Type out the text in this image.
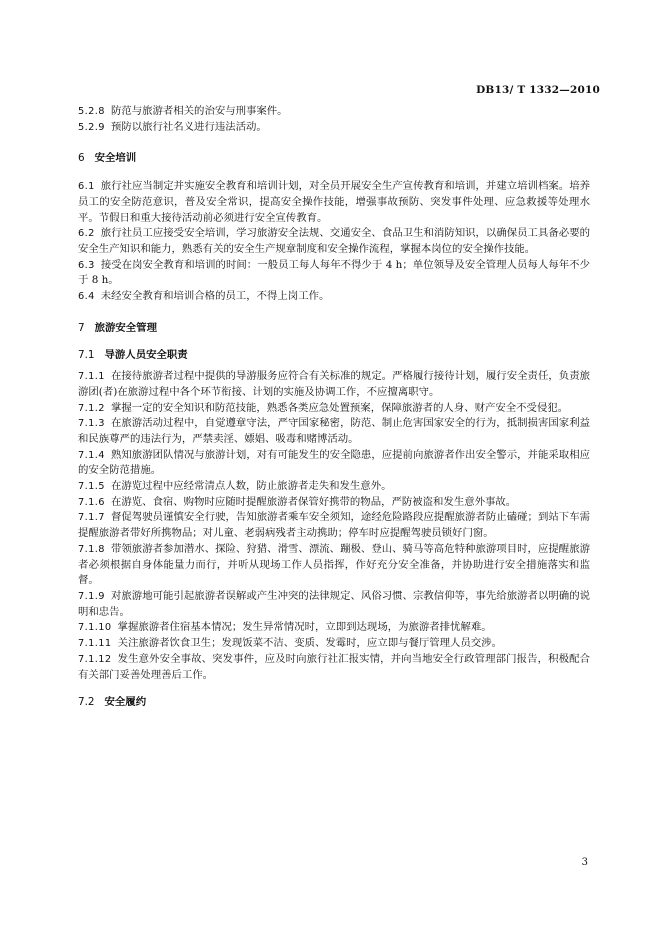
DB13/ T 1332—2010

5.2.8 防范与旅游者相关的治安与刑事案件。

5.2.9 预防以旅行社名义进行违法活动。

6 安全培训

6.1 旅行社应当制定并实施安全教育和培训计划，对全员开展安全生产宣传教育和培训，并建立培训档案。培养员工的安全防范意识，普及安全常识，提高安全操作技能，增强事故预防、突发事件处理、应急救援等处理水平。节假日和重大接待活动前必须进行安全宣传教育。

6.2 旅行社员工应接受安全培训，学习旅游安全法规、交通安全、食品卫生和消防知识，以确保员工具备必要的安全生产知识和能力，熟悉有关的安全生产规章制度和安全操作流程，掌握本岗位的安全操作技能。

6.3 接受在岗安全教育和培训的时间：一般员工每人每年不得少于 4 h；单位领导及安全管理人员每人每年不少于 8 h。

6.4 未经安全教育和培训合格的员工，不得上岗工作。

7 旅游安全管理

7.1 导游人员安全职责

7.1.1 在接待旅游者过程中提供的导游服务应符合有关标准的规定。严格履行接待计划，履行安全责任，负责旅游团(者)在旅游过程中各个环节衔接、计划的实施及协调工作，不应擅离职守。

7.1.2 掌握一定的安全知识和防范技能，熟悉各类应急处置预案，保障旅游者的人身、财产安全不受侵犯。

7.1.3 在旅游活动过程中，自觉遵章守法，严守国家秘密，防范、制止危害国家安全的行为，抵制损害国家利益和民族尊严的违法行为，严禁卖淫、嫖娼、吸毒和赌博活动。

7.1.4 熟知旅游团队情况与旅游计划，对有可能发生的安全隐患，应提前向旅游者作出安全警示，并能采取相应的安全防范措施。

7.1.5 在游览过程中应经常清点人数，防止旅游者走失和发生意外。

7.1.6 在游览、食宿、购物时应随时提醒旅游者保管好携带的物品，严防被盗和发生意外事故。

7.1.7 督促驾驶员谨慎安全行驶，告知旅游者乘车安全须知，途经危险路段应提醒旅游者防止磕碰；到站下车需提醒旅游者带好所携物品；对儿童、老弱病残者主动携助；停车时应提醒驾驶员锁好门窗。

7.1.8 带领旅游者参加潜水、探险、狩猎、滑雪、漂流、蹦极、登山、骑马等高危特种旅游项目时，应提醒旅游者必须根据自身体能量力而行，并听从现场工作人员指挥，作好充分安全准备，并协助进行安全措施落实和监督。

7.1.9 对旅游地可能引起旅游者误解或产生冲突的法律规定、风俗习惯、宗教信仰等，事先给旅游者以明确的说明和忠告。

7.1.10 掌握旅游者住宿基本情况；发生异常情况时，立即到达现场，为旅游者排忧解难。

7.1.11 关注旅游者饮食卫生；发现饭菜不洁、变质、发霉时，应立即与餐厅管理人员交涉。

7.1.12 发生意外安全事故、突发事件，应及时向旅行社汇报实情，并向当地安全行政管理部门报告，积极配合有关部门妥善处理善后工作。

7.2 安全履约

3
